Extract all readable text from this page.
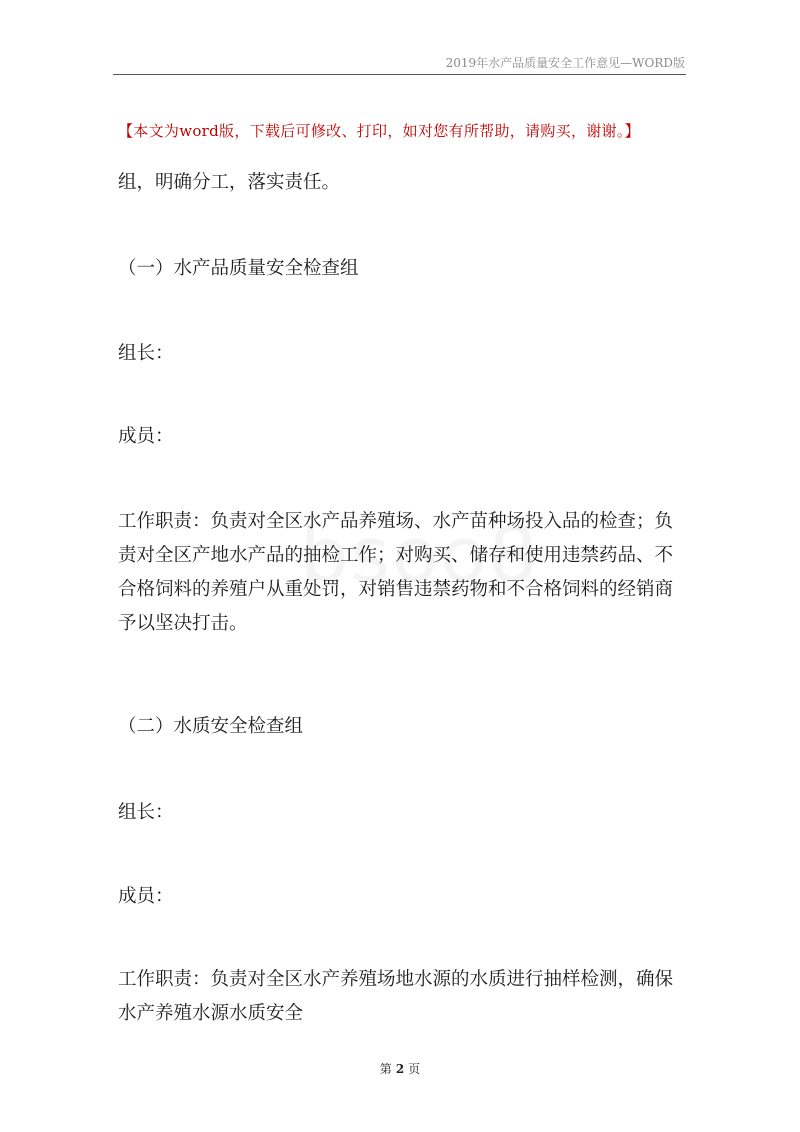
2019年水产品质量安全工作意见—WORD版
【本文为word版，下载后可修改、打印，如对您有所帮助，请购买，谢谢。】
组，明确分工，落实责任。
（一）水产品质量安全检查组
组长：
成员：
工作职责：负责对全区水产品养殖场、水产苗种场投入品的检查；负
责对全区产地水产品的抽检工作；对购买、储存和使用违禁药品、不
合格饲料的养殖户从重处罚，对销售违禁药物和不合格饲料的经销商
予以坚决打击。
（二）水质安全检查组
组长：
成员：
工作职责：负责对全区水产养殖场地水源的水质进行抽样检测，确保
水产养殖水源水质安全
第 2 页
